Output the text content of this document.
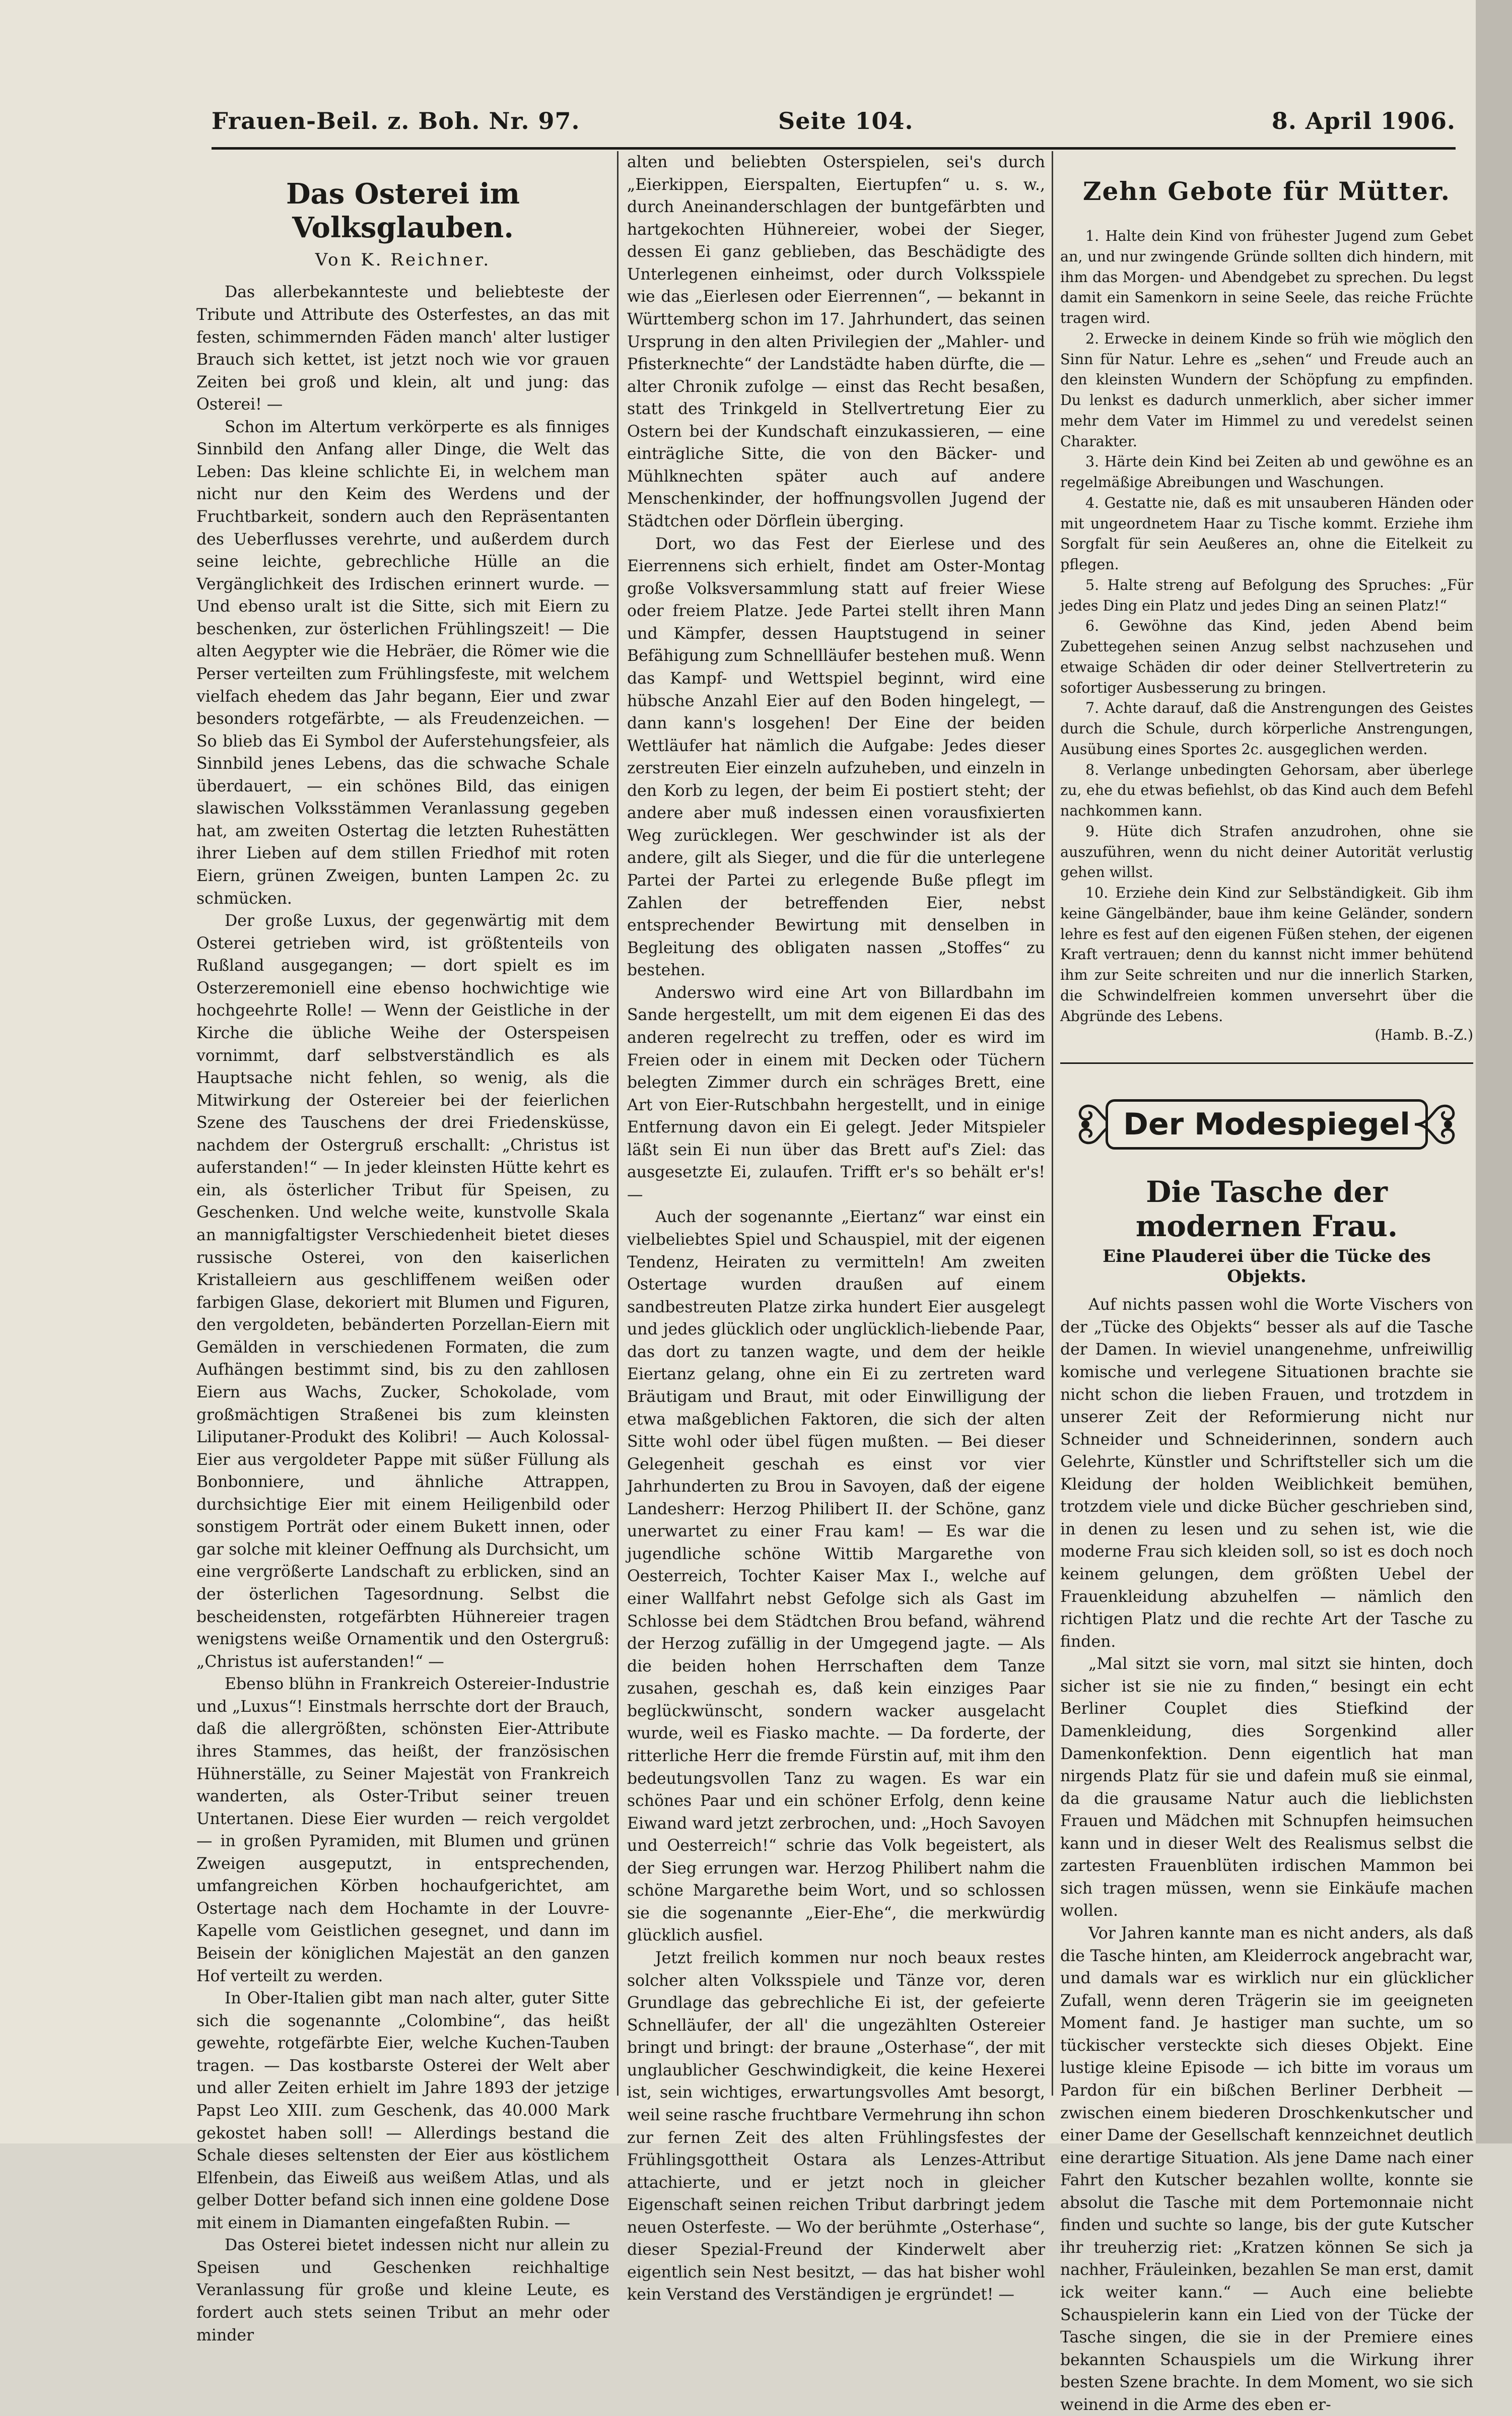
Frauen-Beil. z. Boh. Nr. 97.	Seite 104.	8. April 1906.
Das Osterei im Volksglauben.
Von K. Reichner.

Das allerbekannteste und beliebteste der Tribute und Attribute des Osterfestes, an das mit festen, schimmernden Fäden manch' alter lustiger Brauch sich kettet, ist jetzt noch wie vor grauen Zeiten bei groß und klein, alt und jung: das Osterei! —

Schon im Altertum verkörperte es als finniges Sinnbild den Anfang aller Dinge, die Welt das Leben: Das kleine schlichte Ei, in welchem man nicht nur den Keim des Werdens und der Fruchtbarkeit, sondern auch den Repräsentanten des Ueberflusses verehrte, und außerdem durch seine leichte, gebrechliche Hülle an die Vergänglichkeit des Irdischen erinnert wurde. — Und ebenso uralt ist die Sitte, sich mit Eiern zu beschenken, zur österlichen Frühlingszeit! — Die alten Aegypter wie die Hebräer, die Römer wie die Perser verteilten zum Frühlingsfeste, mit welchem vielfach ehedem das Jahr begann, Eier und zwar besonders rotgefärbte, — als Freudenzeichen. — So blieb das Ei Symbol der Auferstehungsfeier, als Sinnbild jenes Lebens, das die schwache Schale überdauert, — ein schönes Bild, das einigen slawischen Volksstämmen Veranlassung gegeben hat, am zweiten Ostertag die letzten Ruhestätten ihrer Lieben auf dem stillen Friedhof mit roten Eiern, grünen Zweigen, bunten Lampen 2c. zu schmücken.

Der große Luxus, der gegenwärtig mit dem Osterei getrieben wird, ist größtenteils von Rußland ausgegangen; — dort spielt es im Osterzeremoniell eine ebenso hochwichtige wie hochgeehrte Rolle! — Wenn der Geistliche in der Kirche die übliche Weihe der Osterspeisen vornimmt, darf selbstverständlich es als Hauptsache nicht fehlen, so wenig, als die Mitwirkung der Ostereier bei der feierlichen Szene des Tauschens der drei Friedensküsse, nachdem der Ostergruß erschallt: „Christus ist auferstanden!“ — In jeder kleinsten Hütte kehrt es ein, als österlicher Tribut für Speisen, zu Geschenken. Und welche weite, kunstvolle Skala an mannigfaltigster Verschiedenheit bietet dieses russische Osterei, von den kaiserlichen Kristalleiern aus geschliffenem weißen oder farbigen Glase, dekoriert mit Blumen und Figuren, den vergoldeten, bebänderten Porzellan-Eiern mit Gemälden in verschiedenen Formaten, die zum Aufhängen bestimmt sind, bis zu den zahllosen Eiern aus Wachs, Zucker, Schokolade, vom großmächtigen Straßenei bis zum kleinsten Liliputaner-Produkt des Kolibri! — Auch Kolossal-Eier aus vergoldeter Pappe mit süßer Füllung als Bonbonniere, und ähnliche Attrappen, durchsichtige Eier mit einem Heiligenbild oder sonstigem Porträt oder einem Bukett innen, oder gar solche mit kleiner Oeffnung als Durchsicht, um eine vergrößerte Landschaft zu erblicken, sind an der österlichen Tagesordnung. Selbst die bescheidensten, rotgefärbten Hühnereier tragen wenigstens weiße Ornamentik und den Ostergruß: „Christus ist auferstanden!“ —

Ebenso blühn in Frankreich Ostereier-Industrie und „Luxus“! Einstmals herrschte dort der Brauch, daß die allergrößten, schönsten Eier-Attribute ihres Stammes, das heißt, der französischen Hühnerställe, zu Seiner Majestät von Frankreich wanderten, als Oster-Tribut seiner treuen Untertanen. Diese Eier wurden — reich vergoldet — in großen Pyramiden, mit Blumen und grünen Zweigen ausgeputzt, in entsprechenden, umfangreichen Körben hochaufgerichtet, am Ostertage nach dem Hochamte in der Louvre-Kapelle vom Geistlichen gesegnet, und dann im Beisein der königlichen Majestät an den ganzen Hof verteilt zu werden.

In Ober-Italien gibt man nach alter, guter Sitte sich die sogenannte „Colombine“, das heißt gewehte, rotgefärbte Eier, welche Kuchen-Tauben tragen. — Das kostbarste Osterei der Welt aber und aller Zeiten erhielt im Jahre 1893 der jetzige Papst Leo XIII. zum Geschenk, das 40.000 Mark gekostet haben soll! — Allerdings bestand die Schale dieses seltensten der Eier aus köstlichem Elfenbein, das Eiweiß aus weißem Atlas, und als gelber Dotter befand sich innen eine goldene Dose mit einem in Diamanten eingefaßten Rubin. —

Das Osterei bietet indessen nicht nur allein zu Speisen und Geschenken reichhaltige Veranlassung für große und kleine Leute, es fordert auch stets seinen Tribut an mehr oder minder

alten und beliebten Osterspielen, sei's durch „Eierkippen, Eierspalten, Eiertupfen“ u. s. w., durch Aneinanderschlagen der buntgefärbten und hartgekochten Hühnereier, wobei der Sieger, dessen Ei ganz geblieben, das Beschädigte des Unterlegenen einheimst, oder durch Volksspiele wie das „Eierlesen oder Eierrennen“, — bekannt in Württemberg schon im 17. Jahrhundert, das seinen Ursprung in den alten Privilegien der „Mahler- und Pfisterknechte“ der Landstädte haben dürfte, die — alter Chronik zufolge — einst das Recht besaßen, statt des Trinkgeld in Stellvertretung Eier zu Ostern bei der Kundschaft einzukassieren, — eine einträgliche Sitte, die von den Bäcker- und Mühlknechten später auch auf andere Menschenkinder, der hoffnungsvollen Jugend der Städtchen oder Dörflein überging.

Dort, wo das Fest der Eierlese und des Eierrennens sich erhielt, findet am Oster-Montag große Volksversammlung statt auf freier Wiese oder freiem Platze. Jede Partei stellt ihren Mann und Kämpfer, dessen Hauptstugend in seiner Befähigung zum Schnellläufer bestehen muß. Wenn das Kampf- und Wettspiel beginnt, wird eine hübsche Anzahl Eier auf den Boden hingelegt, — dann kann's losgehen! Der Eine der beiden Wettläufer hat nämlich die Aufgabe: Jedes dieser zerstreuten Eier einzeln aufzuheben, und einzeln in den Korb zu legen, der beim Ei postiert steht; der andere aber muß indessen einen vorausfixierten Weg zurücklegen. Wer geschwinder ist als der andere, gilt als Sieger, und die für die unterlegene Partei der Partei zu erlegende Buße pflegt im Zahlen der betreffenden Eier, nebst entsprechender Bewirtung mit denselben in Begleitung des obligaten nassen „Stoffes“ zu bestehen.

Anderswo wird eine Art von Billardbahn im Sande hergestellt, um mit dem eigenen Ei das des anderen regelrecht zu treffen, oder es wird im Freien oder in einem mit Decken oder Tüchern belegten Zimmer durch ein schräges Brett, eine Art von Eier-Rutschbahn hergestellt, und in einige Entfernung davon ein Ei gelegt. Jeder Mitspieler läßt sein Ei nun über das Brett auf's Ziel: das ausgesetzte Ei, zulaufen. Trifft er's so behält er's! —

Auch der sogenannte „Eiertanz“ war einst ein vielbeliebtes Spiel und Schauspiel, mit der eigenen Tendenz, Heiraten zu vermitteln! Am zweiten Ostertage wurden draußen auf einem sandbestreuten Platze zirka hundert Eier ausgelegt und jedes glücklich oder unglücklich-liebende Paar, das dort zu tanzen wagte, und dem der heikle Eiertanz gelang, ohne ein Ei zu zertreten ward Bräutigam und Braut, mit oder Einwilligung der etwa maßgeblichen Faktoren, die sich der alten Sitte wohl oder übel fügen mußten. — Bei dieser Gelegenheit geschah es einst vor vier Jahrhunderten zu Brou in Savoyen, daß der eigene Landesherr: Herzog Philibert II. der Schöne, ganz unerwartet zu einer Frau kam! — Es war die jugendliche schöne Wittib Margarethe von Oesterreich, Tochter Kaiser Max I., welche auf einer Wallfahrt nebst Gefolge sich als Gast im Schlosse bei dem Städtchen Brou befand, während der Herzog zufällig in der Umgegend jagte. — Als die beiden hohen Herrschaften dem Tanze zusahen, geschah es, daß kein einziges Paar beglückwünscht, sondern wacker ausgelacht wurde, weil es Fiasko machte. — Da forderte, der ritterliche Herr die fremde Fürstin auf, mit ihm den bedeutungsvollen Tanz zu wagen. Es war ein schönes Paar und ein schöner Erfolg, denn keine Eiwand ward jetzt zerbrochen, und: „Hoch Savoyen und Oesterreich!“ schrie das Volk begeistert, als der Sieg errungen war. Herzog Philibert nahm die schöne Margarethe beim Wort, und so schlossen sie die sogenannte „Eier-Ehe“, die merkwürdig glücklich ausfiel.

Jetzt freilich kommen nur noch beaux restes solcher alten Volksspiele und Tänze vor, deren Grundlage das gebrechliche Ei ist, der gefeierte Schnelläufer, der all' die ungezählten Ostereier bringt und bringt: der braune „Osterhase“, der mit unglaublicher Geschwindigkeit, die keine Hexerei ist, sein wichtiges, erwartungsvolles Amt besorgt, weil seine rasche fruchtbare Vermehrung ihn schon zur fernen Zeit des alten Frühlingsfestes der Frühlingsgottheit Ostara als Lenzes-Attribut attachierte, und er jetzt noch in gleicher Eigenschaft seinen reichen Tribut darbringt jedem neuen Osterfeste. — Wo der berühmte „Osterhase“, dieser Spezial-Freund der Kinderwelt aber eigentlich sein Nest besitzt, — das hat bisher wohl kein Verstand des Verständigen je ergründet! —

Zehn Gebote für Mütter.

1. Halte dein Kind von frühester Jugend zum Gebet an, und nur zwingende Gründe sollten dich hindern, mit ihm das Morgen- und Abendgebet zu sprechen. Du legst damit ein Samenkorn in seine Seele, das reiche Früchte tragen wird.

2. Erwecke in deinem Kinde so früh wie möglich den Sinn für Natur. Lehre es „sehen“ und Freude auch an den kleinsten Wundern der Schöpfung zu empfinden. Du lenkst es dadurch unmerklich, aber sicher immer mehr dem Vater im Himmel zu und veredelst seinen Charakter.

3. Härte dein Kind bei Zeiten ab und gewöhne es an regelmäßige Abreibungen und Waschungen.

4. Gestatte nie, daß es mit unsauberen Händen oder mit ungeordnetem Haar zu Tische kommt. Erziehe ihm Sorgfalt für sein Aeußeres an, ohne die Eitelkeit zu pflegen.

5. Halte streng auf Befolgung des Spruches: „Für jedes Ding ein Platz und jedes Ding an seinen Platz!“

6. Gewöhne das Kind, jeden Abend beim Zubettegehen seinen Anzug selbst nachzusehen und etwaige Schäden dir oder deiner Stellvertreterin zu sofortiger Ausbesserung zu bringen.

7. Achte darauf, daß die Anstrengungen des Geistes durch die Schule, durch körperliche Anstrengungen, Ausübung eines Sportes 2c. ausgeglichen werden.

8. Verlange unbedingten Gehorsam, aber überlege zu, ehe du etwas befiehlst, ob das Kind auch dem Befehl nachkommen kann.

9. Hüte dich Strafen anzudrohen, ohne sie auszuführen, wenn du nicht deiner Autorität verlustig gehen willst.

10. Erziehe dein Kind zur Selbständigkeit. Gib ihm keine Gängelbänder, baue ihm keine Geländer, sondern lehre es fest auf den eigenen Füßen stehen, der eigenen Kraft vertrauen; denn du kannst nicht immer behütend ihm zur Seite schreiten und nur die innerlich Starken, die Schwindelfreien kommen unversehrt über die Abgründe des Lebens.

(Hamb. B.-Z.)
Der Modespiegel
Die Tasche der modernen Frau.
Eine Plauderei über die Tücke des Objekts.

Auf nichts passen wohl die Worte Vischers von der „Tücke des Objekts“ besser als auf die Tasche der Damen. In wieviel unangenehme, unfreiwillig komische und verlegene Situationen brachte sie nicht schon die lieben Frauen, und trotzdem in unserer Zeit der Reformierung nicht nur Schneider und Schneiderinnen, sondern auch Gelehrte, Künstler und Schriftsteller sich um die Kleidung der holden Weiblichkeit bemühen, trotzdem viele und dicke Bücher geschrieben sind, in denen zu lesen und zu sehen ist, wie die moderne Frau sich kleiden soll, so ist es doch noch keinem gelungen, dem größten Uebel der Frauenkleidung abzuhelfen — nämlich den richtigen Platz und die rechte Art der Tasche zu finden.

„Mal sitzt sie vorn, mal sitzt sie hinten, doch sicher ist sie nie zu finden,“ besingt ein echt Berliner Couplet dies Stiefkind der Damenkleidung, dies Sorgenkind aller Damenkonfektion. Denn eigentlich hat man nirgends Platz für sie und dafein muß sie einmal, da die grausame Natur auch die lieblichsten Frauen und Mädchen mit Schnupfen heimsuchen kann und in dieser Welt des Realismus selbst die zartesten Frauenblüten irdischen Mammon bei sich tragen müssen, wenn sie Einkäufe machen wollen.

Vor Jahren kannte man es nicht anders, als daß die Tasche hinten, am Kleiderrock angebracht war, und damals war es wirklich nur ein glücklicher Zufall, wenn deren Trägerin sie im geeigneten Moment fand. Je hastiger man suchte, um so tückischer versteckte sich dieses Objekt. Eine lustige kleine Episode — ich bitte im voraus um Pardon für ein bißchen Berliner Derbheit — zwischen einem biederen Droschkenkutscher und einer Dame der Gesellschaft kennzeichnet deutlich eine derartige Situation. Als jene Dame nach einer Fahrt den Kutscher bezahlen wollte, konnte sie absolut die Tasche mit dem Portemonnaie nicht finden und suchte so lange, bis der gute Kutscher ihr treuherzig riet: „Kratzen können Se sich ja nachher, Fräuleinken, bezahlen Se man erst, damit ick weiter kann.“ — Auch eine beliebte Schauspielerin kann ein Lied von der Tücke der Tasche singen, die sie in der Premiere eines bekannten Schauspiels um die Wirkung ihrer besten Szene brachte. In dem Moment, wo sie sich weinend in die Arme des eben er-
